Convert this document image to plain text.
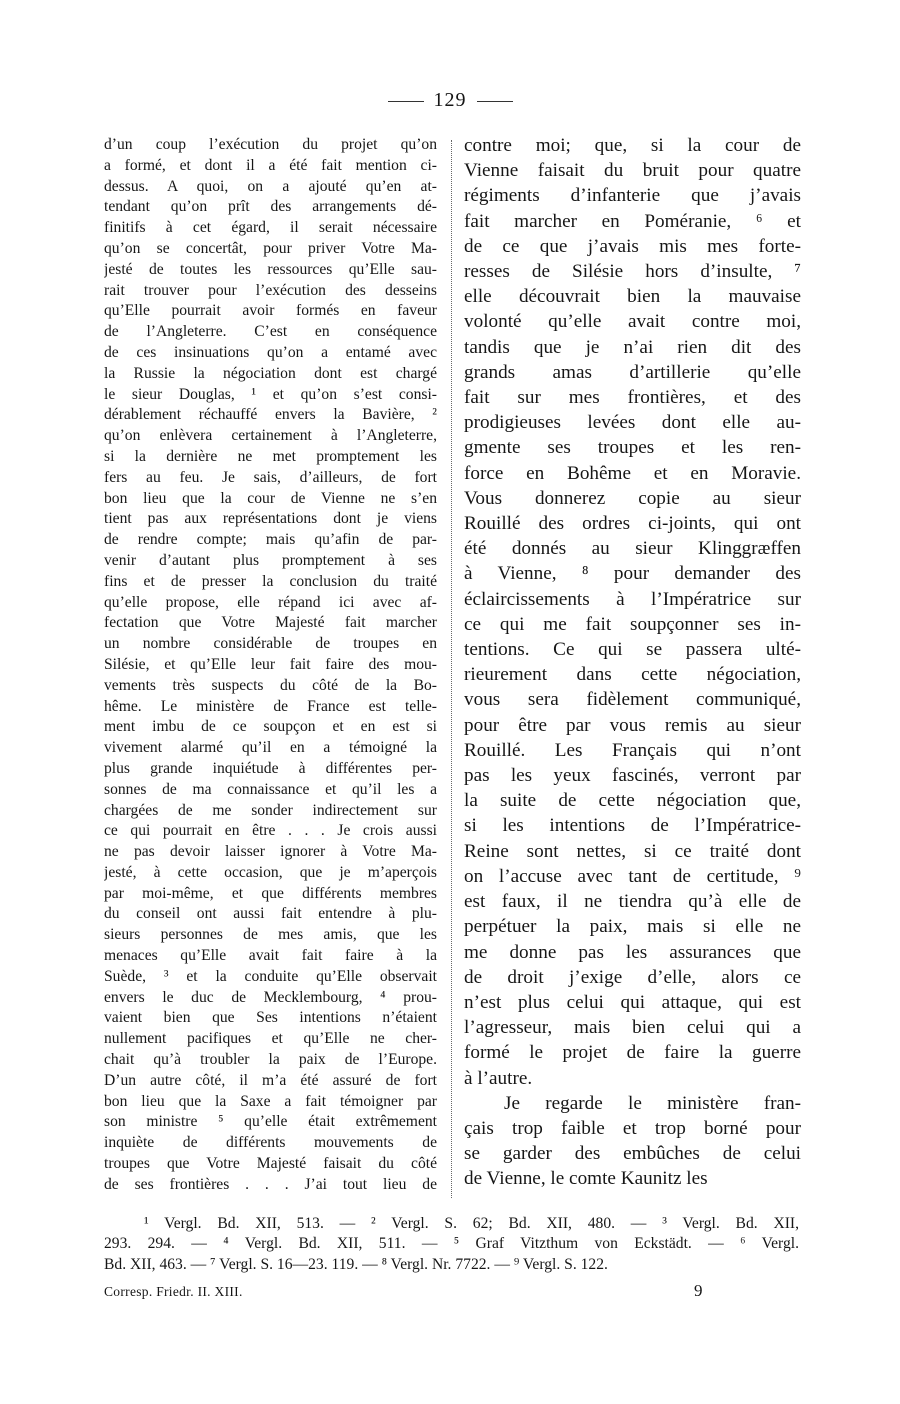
129
d’un coup l’exécution du projet qu’on
a formé, et dont il a été fait mention ci-
dessus. A quoi, on a ajouté qu’en at-
tendant qu’on prît des arrangements dé-
finitifs à cet égard, il serait nécessaire
qu’on se concertât, pour priver Votre Ma-
jesté de toutes les ressources qu’Elle sau-
rait trouver pour l’exécution des desseins
qu’Elle pourrait avoir formés en faveur
de l’Angleterre. C’est en conséquence
de ces insinuations qu’on a entamé avec
la Russie la négociation dont est chargé
le sieur Douglas, ¹ et qu’on s’est consi-
dérablement réchauffé envers la Bavière, ²
qu’on enlèvera certainement à l’Angleterre,
si la dernière ne met promptement les
fers au feu. Je sais, d’ailleurs, de fort
bon lieu que la cour de Vienne ne s’en
tient pas aux représentations dont je viens
de rendre compte; mais qu’afin de par-
venir d’autant plus promptement à ses
fins et de presser la conclusion du traité
qu’elle propose, elle répand ici avec af-
fectation que Votre Majesté fait marcher
un nombre considérable de troupes en
Silésie, et qu’Elle leur fait faire des mou-
vements très suspects du côté de la Bo-
hême. Le ministère de France est telle-
ment imbu de ce soupçon et en est si
vivement alarmé qu’il en a témoigné la
plus grande inquiétude à différentes per-
sonnes de ma connaissance et qu’il les a
chargées de me sonder indirectement sur
ce qui pourrait en être . . . Je crois aussi
ne pas devoir laisser ignorer à Votre Ma-
jesté, à cette occasion, que je m’aperçois
par moi-même, et que différents membres
du conseil ont aussi fait entendre à plu-
sieurs personnes de mes amis, que les
menaces qu’Elle avait fait faire à la
Suède, ³ et la conduite qu’Elle observait
envers le duc de Mecklembourg, ⁴ prou-
vaient bien que Ses intentions n’étaient
nullement pacifiques et qu’Elle ne cher-
chait qu’à troubler la paix de l’Europe.
D’un autre côté, il m’a été assuré de fort
bon lieu que la Saxe a fait témoigner par
son ministre ⁵ qu’elle était extrêmement
inquiète de différents mouvements de
troupes que Votre Majesté faisait du côté
de ses frontières . . . J’ai tout lieu de
contre moi; que, si la cour de
Vienne faisait du bruit pour quatre
régiments d’infanterie que j’avais
fait marcher en Poméranie, ⁶ et
de ce que j’avais mis mes forte-
resses de Silésie hors d’insulte, ⁷
elle découvrait bien la mauvaise
volonté qu’elle avait contre moi,
tandis que je n’ai rien dit des
grands amas d’artillerie qu’elle
fait sur mes frontières, et des
prodigieuses levées dont elle au-
gmente ses troupes et les ren-
force en Bohême et en Moravie.
Vous donnerez copie au sieur
Rouillé des ordres ci-joints, qui ont
été donnés au sieur Klinggræffen
à Vienne, ⁸ pour demander des
éclaircissements à l’Impératrice sur
ce qui me fait soupçonner ses in-
tentions. Ce qui se passera ulté-
rieurement dans cette négociation,
vous sera fidèlement communiqué,
pour être par vous remis au sieur
Rouillé. Les Français qui n’ont
pas les yeux fascinés, verront par
la suite de cette négociation que,
si les intentions de l’Impératrice-
Reine sont nettes, si ce traité dont
on l’accuse avec tant de certitude, ⁹
est faux, il ne tiendra qu’à elle de
perpétuer la paix, mais si elle ne
me donne pas les assurances que
de droit j’exige d’elle, alors ce
n’est plus celui qui attaque, qui est
l’agresseur, mais bien celui qui a
formé le projet de faire la guerre
à l’autre.
Je regarde le ministère fran-
çais trop faible et trop borné pour
se garder des embûches de celui
de Vienne, le comte Kaunitz les
¹ Vergl. Bd. XII, 513. — ² Vergl. S. 62; Bd. XII, 480. — ³ Vergl. Bd. XII,
293. 294. — ⁴ Vergl. Bd. XII, 511. — ⁵ Graf Vitzthum von Eckstädt. — ⁶ Vergl.
Bd. XII, 463. — ⁷ Vergl. S. 16—23. 119. — ⁸ Vergl. Nr. 7722. — ⁹ Vergl. S. 122.
Corresp. Friedr. II. XIII.	9
